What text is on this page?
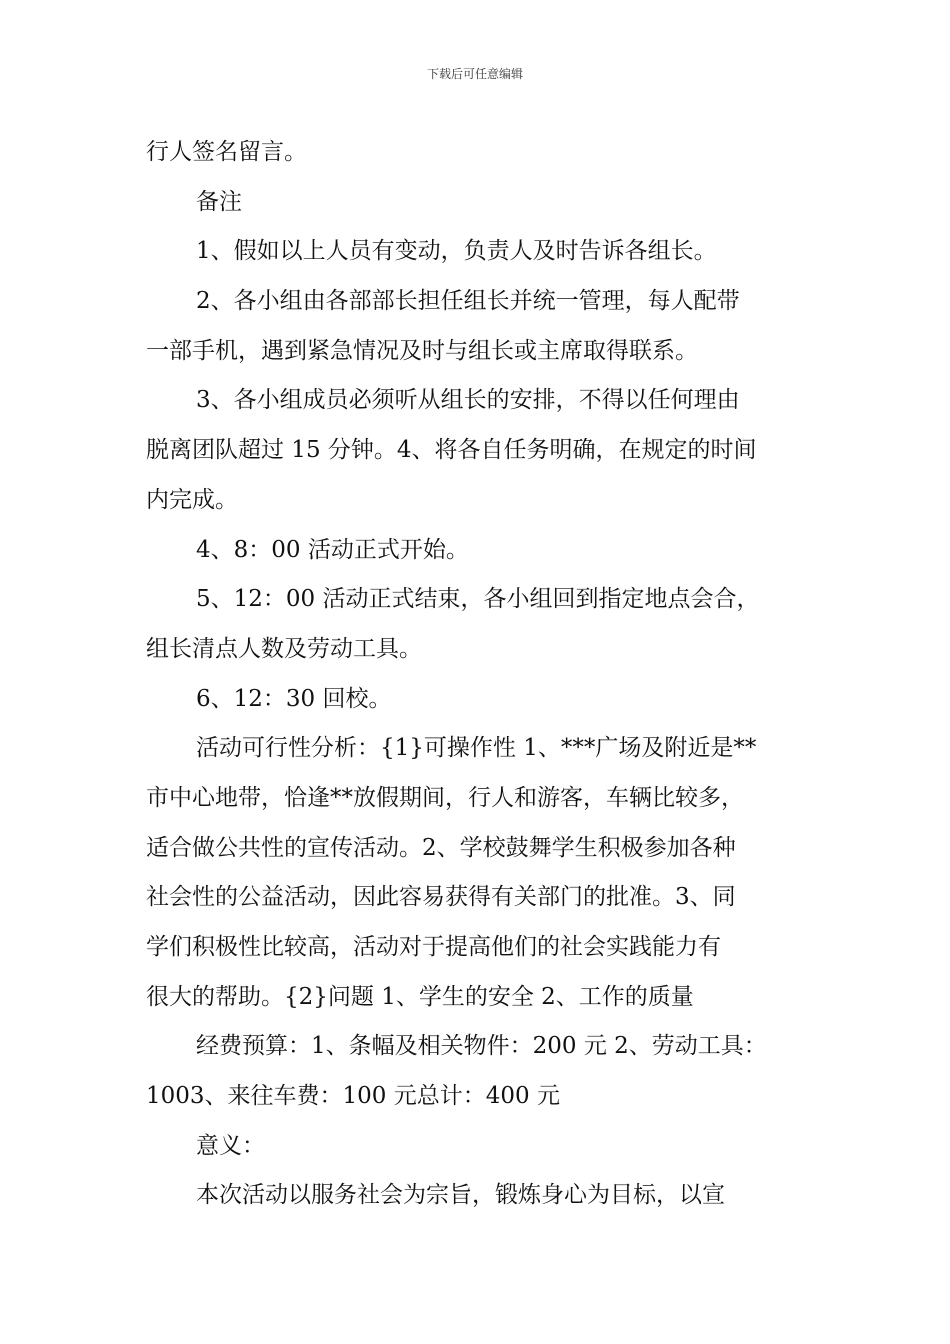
下载后可任意编辑
行人签名留言。
备注
1、假如以上人员有变动，负责人及时告诉各组长。
2、各小组由各部部长担任组长并统一管理，每人配带
一部手机，遇到紧急情况及时与组长或主席取得联系。
3、各小组成员必须听从组长的安排，不得以任何理由
脱离团队超过 15 分钟。4、将各自任务明确，在规定的时间
内完成。
4、8：00 活动正式开始。
5、12：00 活动正式结束，各小组回到指定地点会合，
组长清点人数及劳动工具。
6、12：30 回校。
活动可行性分析：{1}可操作性 1、***广场及附近是**
市中心地带，恰逢**放假期间，行人和游客，车辆比较多，
适合做公共性的宣传活动。2、学校鼓舞学生积极参加各种
社会性的公益活动，因此容易获得有关部门的批准。3、同
学们积极性比较高，活动对于提高他们的社会实践能力有
很大的帮助。{2}问题 1、学生的安全 2、工作的质量
经费预算：1、条幅及相关物件：200 元 2、劳动工具：
1003、来往车费：100 元总计：400 元
意义：
本次活动以服务社会为宗旨，锻炼身心为目标，以宣
